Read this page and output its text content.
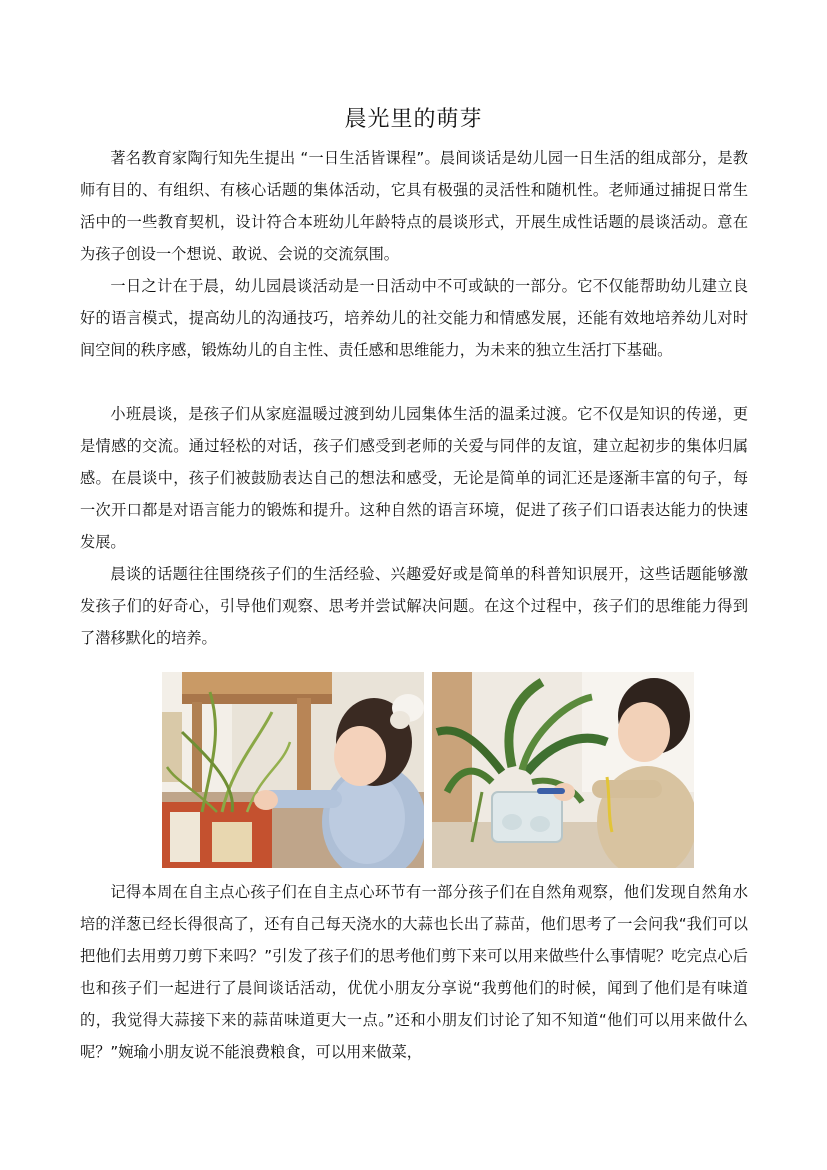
晨光里的萌芽

著名教育家陶行知先生提出 “一日生活皆课程”。晨间谈话是幼儿园一日生活的组成部分，是教师有目的、有组织、有核心话题的集体活动，它具有极强的灵活性和随机性。老师通过捕捉日常生活中的一些教育契机，设计符合本班幼儿年龄特点的晨谈形式，开展生成性话题的晨谈活动。意在为孩子创设一个想说、敢说、会说的交流氛围。

一日之计在于晨，幼儿园晨谈活动是一日活动中不可或缺的一部分。它不仅能帮助幼儿建立良好的语言模式，提高幼儿的沟通技巧，培养幼儿的社交能力和情感发展，还能有效地培养幼儿对时间空间的秩序感，锻炼幼儿的自主性、责任感和思维能力，为未来的独立生活打下基础。

小班晨谈，是孩子们从家庭温暖过渡到幼儿园集体生活的温柔过渡。它不仅是知识的传递，更是情感的交流。通过轻松的对话，孩子们感受到老师的关爱与同伴的友谊，建立起初步的集体归属感。在晨谈中，孩子们被鼓励表达自己的想法和感受，无论是简单的词汇还是逐渐丰富的句子，每一次开口都是对语言能力的锻炼和提升。这种自然的语言环境，促进了孩子们口语表达能力的快速发展。

晨谈的话题往往围绕孩子们的生活经验、兴趣爱好或是简单的科普知识展开，这些话题能够激发孩子们的好奇心，引导他们观察、思考并尝试解决问题。在这个过程中，孩子们的思维能力得到了潜移默化的培养。

记得本周在自主点心孩子们在自主点心环节有一部分孩子们在自然角观察，他们发现自然角水培的洋葱已经长得很高了，还有自己每天浇水的大蒜也长出了蒜苗，他们思考了一会问我“我们可以把他们去用剪刀剪下来吗？”引发了孩子们的思考他们剪下来可以用来做些什么事情呢？吃完点心后也和孩子们一起进行了晨间谈话活动，优优小朋友分享说“我剪他们的时候，闻到了他们是有味道的，我觉得大蒜接下来的蒜苗味道更大一点。”还和小朋友们讨论了知不知道“他们可以用来做什么呢？”婉瑜小朋友说不能浪费粮食，可以用来做菜，
